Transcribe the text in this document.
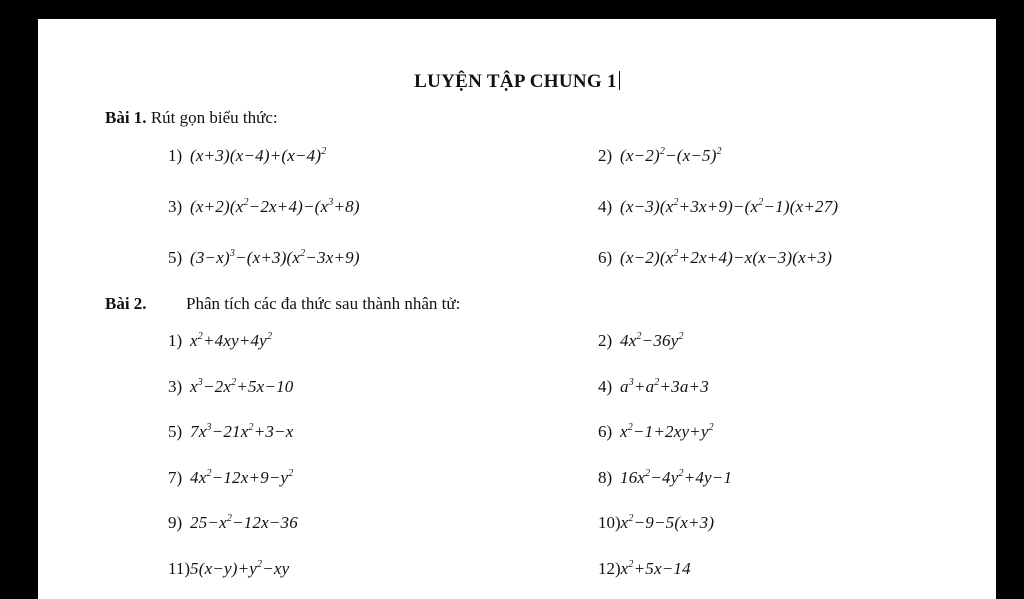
LUYỆN TẬP CHUNG 1
Bài 1. Rút gọn biểu thức:
$1)(x+3)(x-4)+(x-4)^2$	$2)(x-2)^2-(x-5)^2$
$3)(x+2)(x^2-2x+4)-(x^3+8)$	$4)(x-3)(x^2+3x+9)-(x^2-1)(x+27)$
$5)(3-x)^3-(x+3)(x^2-3x+9)$	$6)(x-2)(x^2+2x+4)-x(x-3)(x+3)$
Bài 2. Phân tích các đa thức sau thành nhân tử:
$1)x^2+4xy+4y^2$	$2)4x^2-36y^2$
$3)x^3-2x^2+5x-10$	$4)a^3+a^2+3a+3$
$5)7x^3-21x^2+3-x$	$6)x^2-1+2xy+y^2$
$7)4x^2-12x+9-y^2$	$8)16x^2-4y^2+4y-1$
$9)25-x^2-12x-36$	$10)x^2-9-5(x+3)$
$11)5(x-y)+y^2-xy$	$12)x^2+5x-14$
